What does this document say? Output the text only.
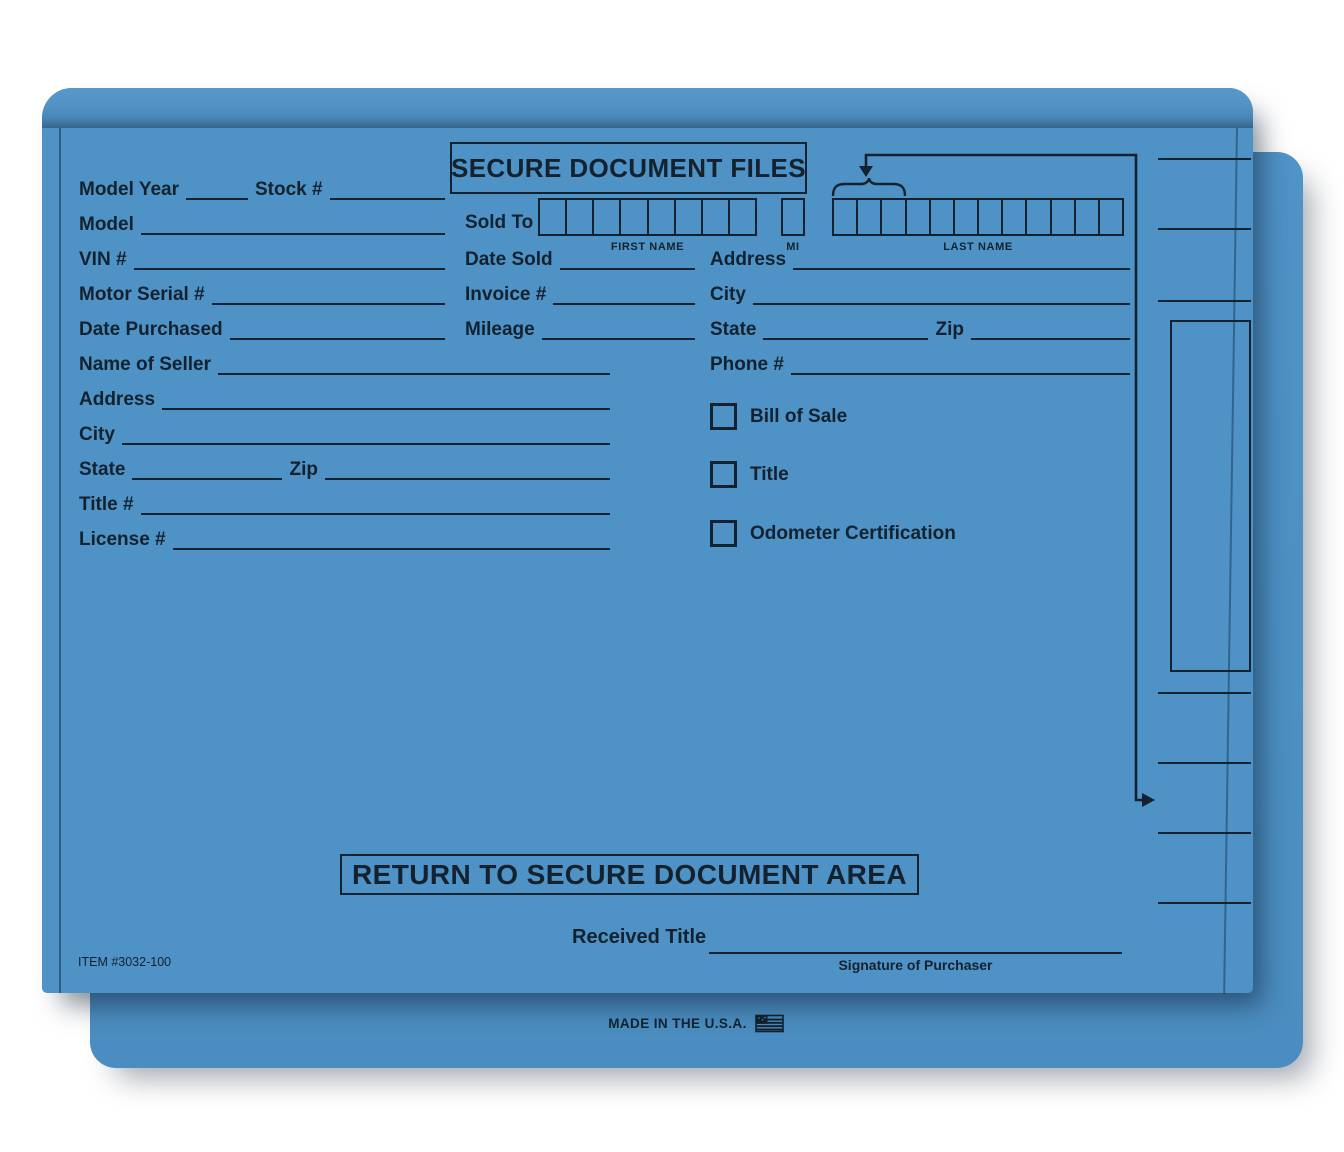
MADE IN THE U.S.A.
SECURE DOCUMENT FILES
Model Year	Stock #
Model
VIN #
Motor Serial #
Date Purchased
Name of Seller
Address
City
State	Zip
Title #
License #
Sold To
FIRST NAME	MI	LAST NAME
Date Sold
Invoice #
Mileage
Address
City
State	Zip
Phone #
Bill of Sale
Title
Odometer Certification
RETURN TO SECURE DOCUMENT AREA
Received Title
Signature of Purchaser
ITEM #3032-100
